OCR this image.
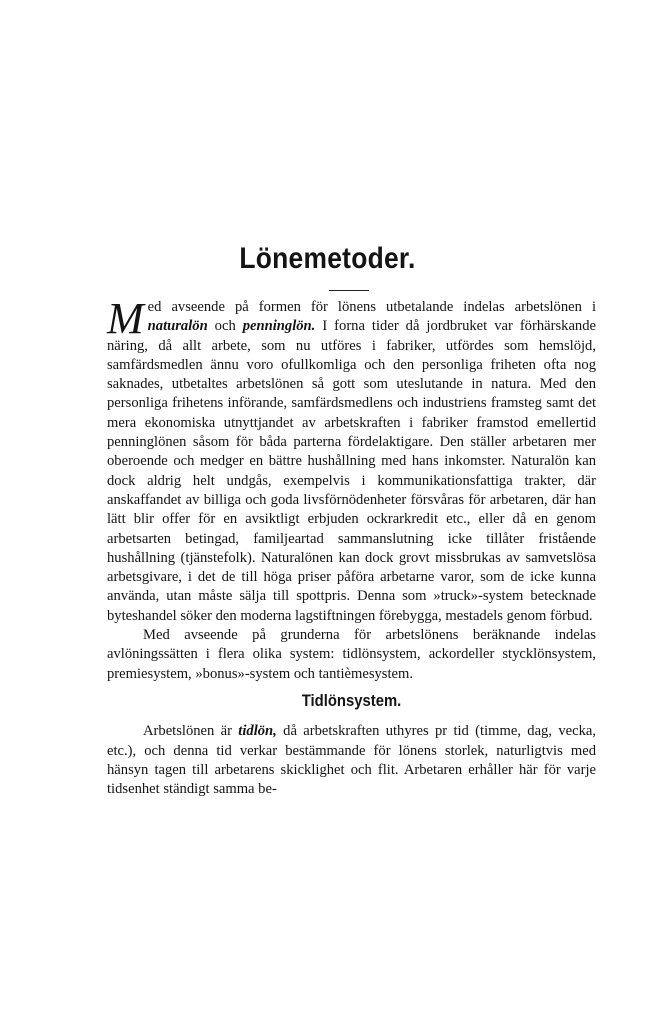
Lönemetoder.

Med avseende på formen för lönens utbetalande indelas arbetslönen i naturalön och penninglön. I forna tider då jordbruket var förhärskande näring, då allt arbete, som nu utföres i fabriker, utfördes som hemslöjd, samfärdsmedlen ännu voro ofullkomliga och den personliga friheten ofta nog saknades, utbetaltes arbetslönen så gott som uteslutande in natura. Med den personliga frihetens införande, samfärdsmedlens och industriens framsteg samt det mera ekonomiska utnyttjandet av arbetskraften i fabriker framstod emellertid penninglönen såsom för båda parterna fördelaktigare. Den ställer arbetaren mer oberoende och medger en bättre hushållning med hans inkomster. Naturalön kan dock aldrig helt undgås, exempelvis i kommunikationsfattiga trakter, där anskaffandet av billiga och goda livsförnödenheter försvåras för arbetaren, där han lätt blir offer för en avsiktligt erbjuden ockrarkredit etc., eller då en genom arbetsarten betingad, familjeartad sammanslutning icke tillåter fristående hushållning (tjänstefolk). Naturalönen kan dock grovt missbrukas av samvetslösa arbetsgivare, i det de till höga priser påföra arbetarne varor, som de icke kunna använda, utan måste sälja till spottpris. Denna som »truck»-system betecknade byteshandel söker den moderna lagstiftningen förebygga, mestadels genom förbud.

Med avseende på grunderna för arbetslönens beräknande indelas avlöningssätten i flera olika system: tidlönsystem, ackordeller stycklönsystem, premiesystem, »bonus»-system och tantièmesystem.

Tidlönsystem.

Arbetslönen är tidlön, då arbetskraften uthyres pr tid (timme, dag, vecka, etc.), och denna tid verkar bestämmande för lönens storlek, naturligtvis med hänsyn tagen till arbetarens skicklighet och flit. Arbetaren erhåller här för varje tidsenhet ständigt samma be-
